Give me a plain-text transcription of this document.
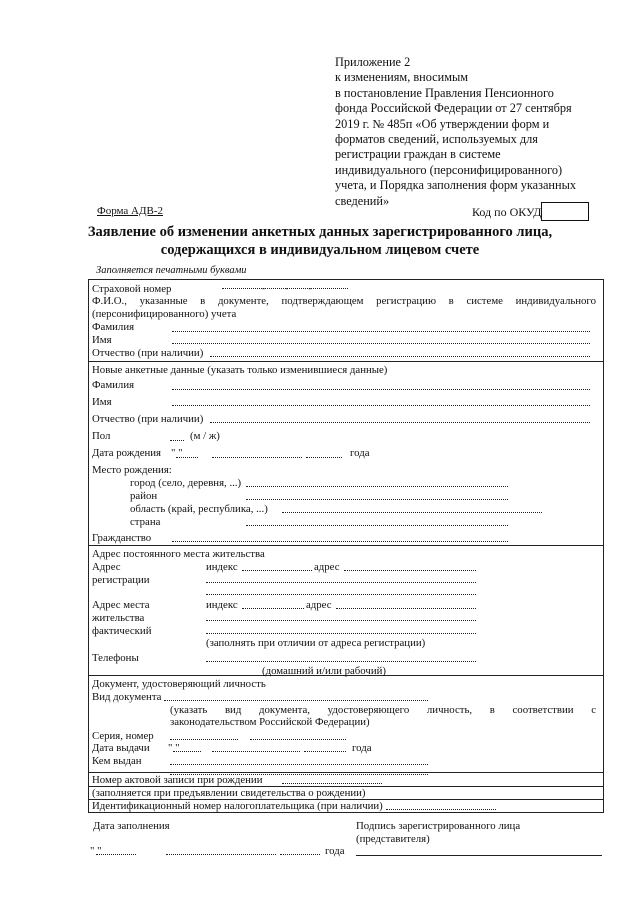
Приложение 2
к изменениям, вносимым
в постановление Правления Пенсионного
фонда Российской Федерации от 27 сентября
2019 г. № 485п «Об утверждении форм и
форматов сведений, используемых для
регистрации граждан в системе
индивидуального (персонифицированного)
учета, и Порядка заполнения форм указанных
сведений»
Форма АДВ-2	Код по ОКУД
Заявление об изменении анкетных данных зарегистрированного лица,
содержащихся в индивидуальном лицевом счете
Заполняется печатными буквами
Страховой номер	- - -
Ф.И.О., указанные в документе, подтверждающем регистрацию в системе индивидуального
(персонифицированного) учета
Фамилия
Имя
Отчество (при наличии)
Новые анкетные данные (указать только изменившиеся данные)
Фамилия
Имя
Отчество (при наличии)
Пол	(м / ж)
Дата рождения " "	года
Место рождения:
город (село, деревня, ...)
район
область (край, республика, ...)
страна
Гражданство
Адрес постоянного места жительства
Адрес
регистрации
индекс	адрес
Адрес места
жительства
фактический
индекс	адрес
(заполнять при отличии от адреса регистрации)
Телефоны
(домашний и/или рабочий)
Документ, удостоверяющий личность
Вид документа
(указать вид документа, удостоверяющего личность, в соответствии с
законодательством Российской Федерации)
Серия, номер
Дата выдачи " "	года
Кем выдан
Номер актовой записи при рождении
(заполняется при предъявлении свидетельства о рождении)
Идентификационный номер налогоплательщика (при наличии)
Дата заполнения
" "	года
Подпись зарегистрированного лица
(представителя)
